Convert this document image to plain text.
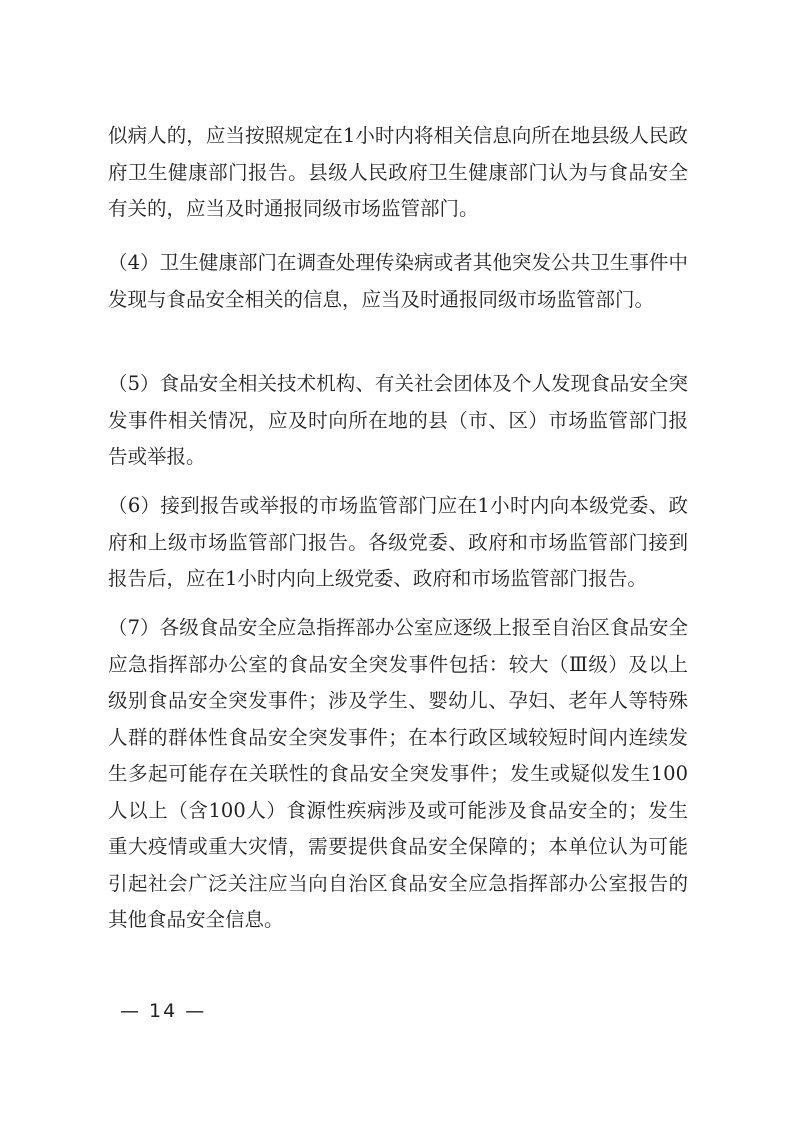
似病人的，应当按照规定在1小时内将相关信息向所在地县级人民政府卫生健康部门报告。县级人民政府卫生健康部门认为与食品安全有关的，应当及时通报同级市场监管部门。

（4）卫生健康部门在调查处理传染病或者其他突发公共卫生事件中发现与食品安全相关的信息，应当及时通报同级市场监管部门。

（5）食品安全相关技术机构、有关社会团体及个人发现食品安全突发事件相关情况，应及时向所在地的县（市、区）市场监管部门报告或举报。

（6）接到报告或举报的市场监管部门应在1小时内向本级党委、政府和上级市场监管部门报告。各级党委、政府和市场监管部门接到报告后，应在1小时内向上级党委、政府和市场监管部门报告。

（7）各级食品安全应急指挥部办公室应逐级上报至自治区食品安全应急指挥部办公室的食品安全突发事件包括：较大（Ⅲ级）及以上级别食品安全突发事件；涉及学生、婴幼儿、孕妇、老年人等特殊人群的群体性食品安全突发事件；在本行政区域较短时间内连续发生多起可能存在关联性的食品安全突发事件；发生或疑似发生100人以上（含100人）食源性疾病涉及或可能涉及食品安全的；发生重大疫情或重大灾情，需要提供食品安全保障的；本单位认为可能引起社会广泛关注应当向自治区食品安全应急指挥部办公室报告的其他食品安全信息。

— 14 —
